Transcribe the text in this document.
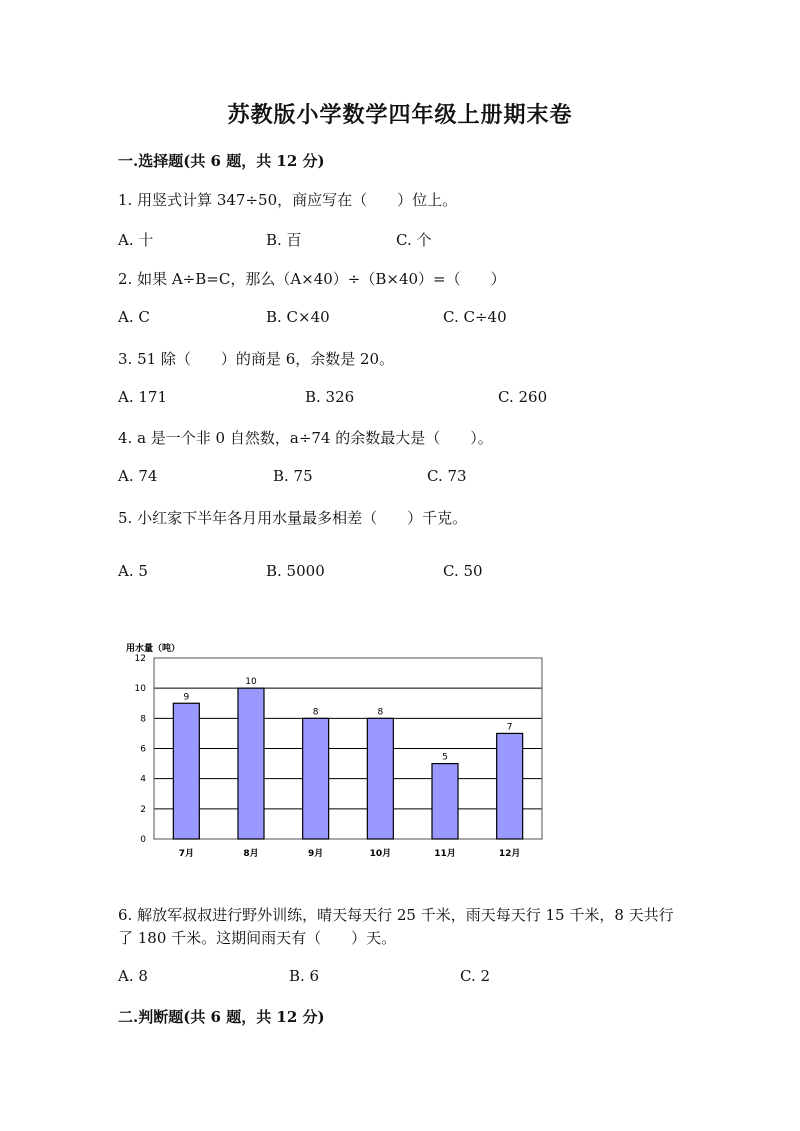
苏教版小学数学四年级上册期末卷
一.选择题(共 6 题，共 12 分)
1. 用竖式计算 347÷50，商应写在（　　）位上。
A. 十	B. 百	C. 个
2. 如果 A÷B=C，那么（A×40）÷（B×40）=（　　）
A. C	B. C×40	C. C÷40
3. 51 除（　　）的商是 6，余数是 20。
A. 171	B. 326	C. 260
4. a 是一个非 0 自然数，a÷74 的余数最大是（　　）。
A. 74	B. 75	C. 73
5. 小红家下半年各月用水量最多相差（　　）千克。
A. 5	B. 5000	C. 50
用水量（吨）
0
2
4
6
8
10
12
9
7月
10
8月
8
9月
8
10月
5
11月
7
12月
6. 解放军叔叔进行野外训练，晴天每天行 25 千米，雨天每天行 15 千米，8 天共行了 180 千米。这期间雨天有（　　）天。
A. 8	B. 6	C. 2
二.判断题(共 6 题，共 12 分)
